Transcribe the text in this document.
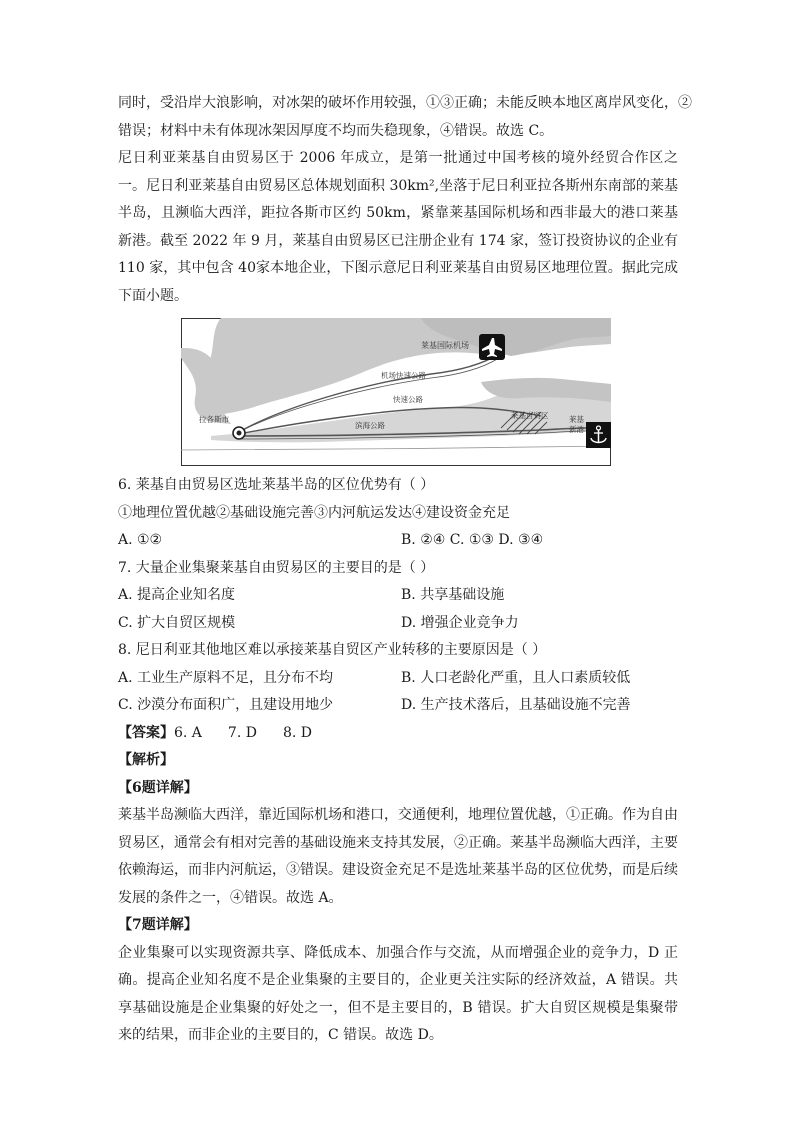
同时，受沿岸大浪影响，对冰架的破坏作用较强，①③正确；未能反映本地区离岸风变化，②

错误；材料中未有体现冰架因厚度不均而失稳现象，④错误。故选 C。

尼日利亚莱基自由贸易区于 2006 年成立，是第一批通过中国考核的境外经贸合作区之一。尼日利亚莱基自由贸易区总体规划面积 30km²,坐落于尼日利亚拉各斯州东南部的莱基半岛，且濒临大西洋，距拉各斯市区约 50km，紧靠莱基国际机场和西非最大的港口莱基新港。截至 2022 年 9 月，莱基自由贸易区已注册企业有 174 家，签订投资协议的企业有 110 家，其中包含 40家本地企业，下图示意尼日利亚莱基自由贸易区地理位置。据此完成下面小题。

莱基国际机场
机场快速公路
快速公路
滨海公路
莱基自贸区
拉各斯市	莱基
新港

6. 莱基自由贸易区选址莱基半岛的区位优势有（ ）

①地理位置优越②基础设施完善③内河航运发达④建设资金充足

A. ①②	B. ②④ C. ①③ D. ③④

7. 大量企业集聚莱基自由贸易区的主要目的是（ ）

A. 提高企业知名度	B. 共享基础设施
C. 扩大自贸区规模	D. 增强企业竞争力

8. 尼日利亚其他地区难以承接莱基自贸区产业转移的主要原因是（ ）

A. 工业生产原料不足，且分布不均	B. 人口老龄化严重，且人口素质较低
C. 沙漠分布面积广，且建设用地少	D. 生产技术落后，且基础设施不完善

【答案】6. A 7. D 8. D

【解析】

【6题详解】

莱基半岛濒临大西洋，靠近国际机场和港口，交通便利，地理位置优越，①正确。作为自由贸易区，通常会有相对完善的基础设施来支持其发展，②正确。莱基半岛濒临大西洋，主要依赖海运，而非内河航运，③错误。建设资金充足不是选址莱基半岛的区位优势，而是后续发展的条件之一，④错误。故选 A。

【7题详解】

企业集聚可以实现资源共享、降低成本、加强合作与交流，从而增强企业的竞争力，D 正确。提高企业知名度不是企业集聚的主要目的，企业更关注实际的经济效益，A 错误。共享基础设施是企业集聚的好处之一，但不是主要目的，B 错误。扩大自贸区规模是集聚带来的结果，而非企业的主要目的，C 错误。故选 D。
